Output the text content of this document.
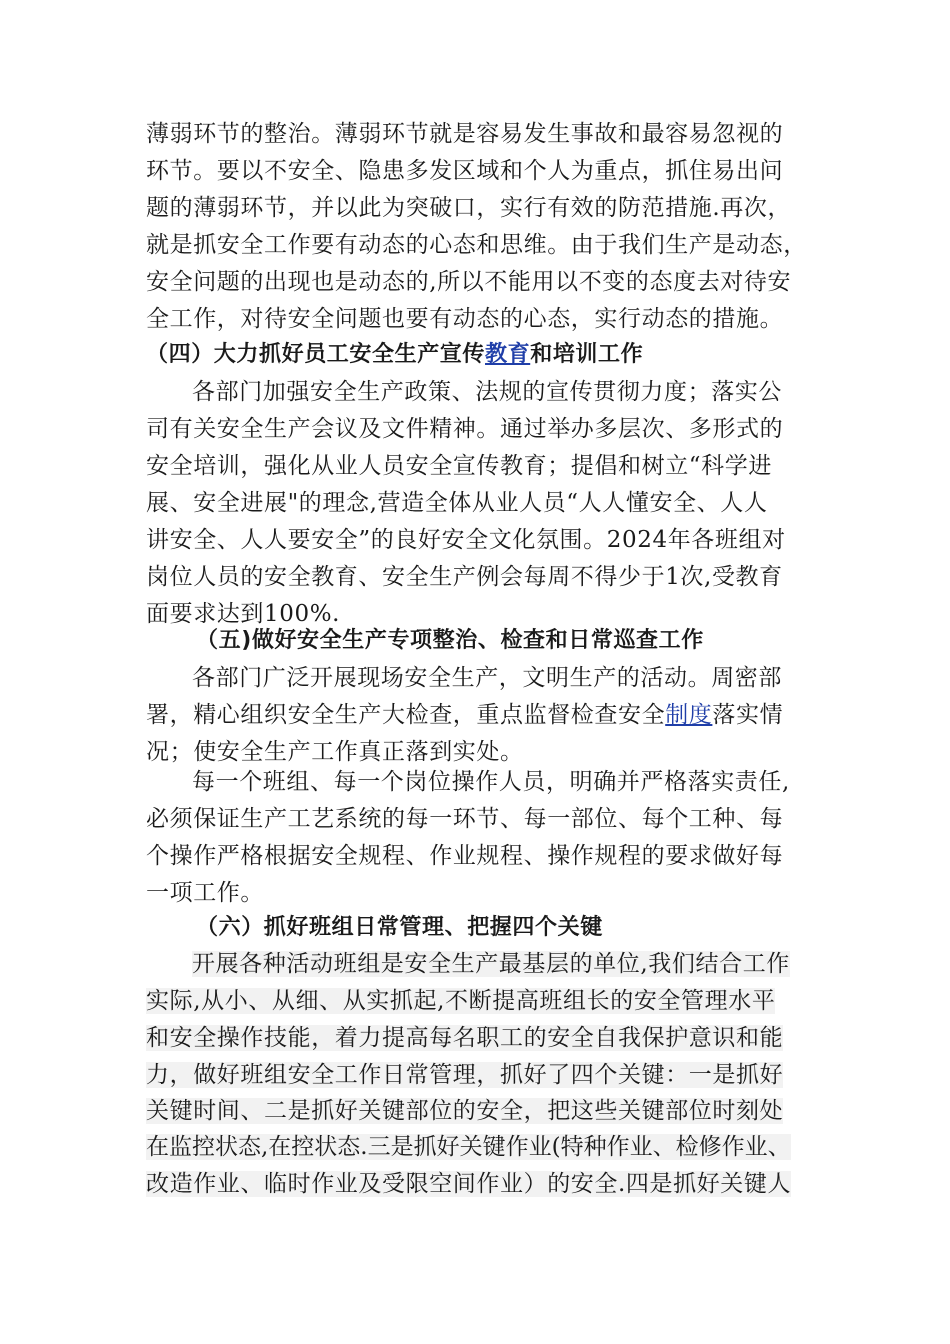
薄弱环节的整治。薄弱环节就是容易发生事故和最容易忽视的
环节。要以不安全、隐患多发区域和个人为重点，抓住易出问
题的薄弱环节，并以此为突破口，实行有效的防范措施.再次，
就是抓安全工作要有动态的心态和思维。由于我们生产是动态，
安全问题的出现也是动态的,所以不能用以不变的态度去对待安
全工作，对待安全问题也要有动态的心态，实行动态的措施。
（四）大力抓好员工安全生产宣传教育和培训工作
各部门加强安全生产政策、法规的宣传贯彻力度；落实公
司有关安全生产会议及文件精神。通过举办多层次、多形式的
安全培训，强化从业人员安全宣传教育；提倡和树立“科学进
展、安全进展"的理念,营造全体从业人员“人人懂安全、人人
讲安全、人人要安全”的良好安全文化氛围。2024年各班组对
岗位人员的安全教育、安全生产例会每周不得少于1次,受教育
面要求达到100%.
（五)做好安全生产专项整治、检查和日常巡查工作
各部门广泛开展现场安全生产，文明生产的活动。周密部
署，精心组织安全生产大检查，重点监督检查安全制度落实情
况；使安全生产工作真正落到实处。
每一个班组、每一个岗位操作人员，明确并严格落实责任,
必须保证生产工艺系统的每一环节、每一部位、每个工种、每
个操作严格根据安全规程、作业规程、操作规程的要求做好每
一项工作。
（六）抓好班组日常管理、把握四个关键
开展各种活动班组是安全生产最基层的单位,我们结合工作
实际,从小、从细、从实抓起,不断提高班组长的安全管理水平
和安全操作技能，着力提高每名职工的安全自我保护意识和能
力，做好班组安全工作日常管理，抓好了四个关键：一是抓好
关键时间、二是抓好关键部位的安全，把这些关键部位时刻处
在监控状态,在控状态.三是抓好关键作业(特种作业、检修作业、
改造作业、临时作业及受限空间作业）的安全.四是抓好关键人
